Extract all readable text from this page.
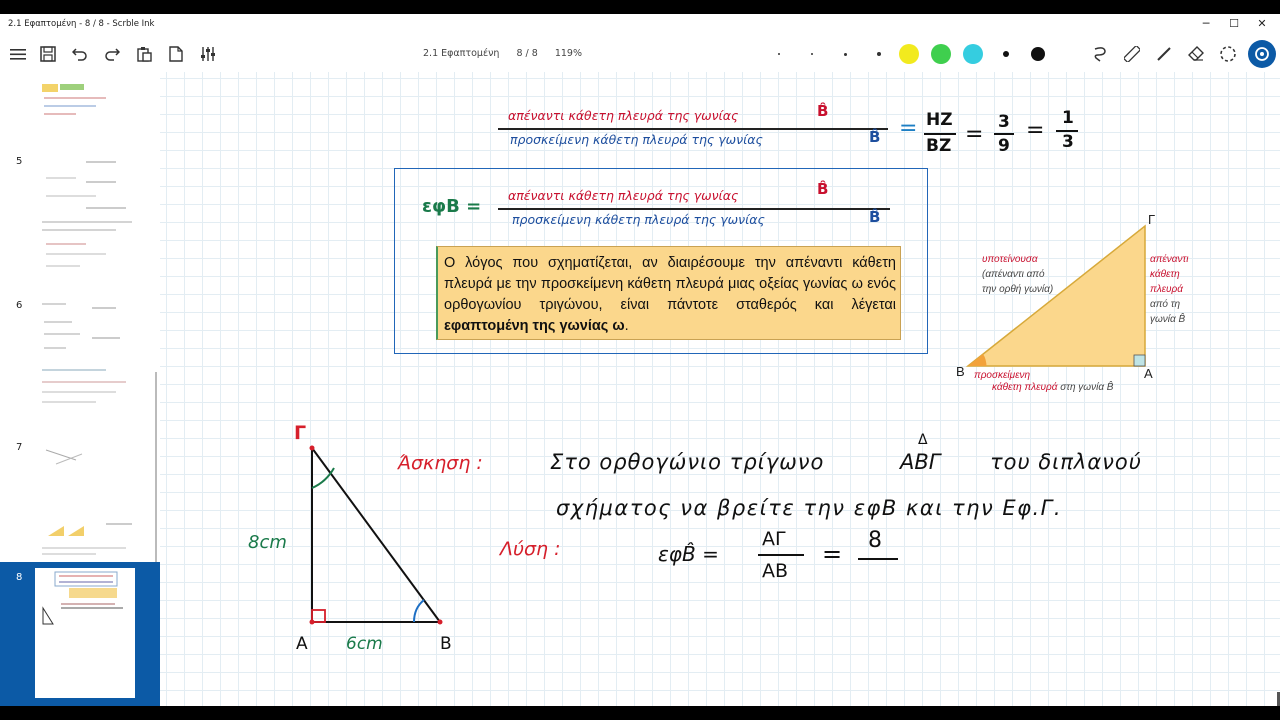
2.1 Εφαπτομένη - 8 / 8 - Scrble Ink	─	☐	✕
2.1 Εφαπτομένη 8 / 8 119%
5
6
7
8
απέναντι κάθετη πλευρά της γωνίας	B̂
προσκείμενη κάθετη πλευρά της γωνίας	B̂ = HZ
BZ = 3
9
= 1
3
εφB =
απέναντι κάθετη πλευρά της γωνίας	B̂
προσκείμενη κάθετη πλευρά της γωνίας	B̂
Ο λόγος που σχηματίζεται, αν διαιρέσουμε την απέναντι κάθετη πλευρά με την προσκείμενη κάθετη πλευρά μιας οξείας γωνίας ω ενός ορθογωνίου τριγώνου, είναι πάντοτε σταθερός και λέγεται εφαπτομένη της γωνίας ω.
Γ
B	A
υποτείνουσα
(απέναντι από
την ορθή γωνία)
απέναντι
κάθετη
πλευρά
από τη
γωνία B̂
προσκείμενη
κάθετη πλευρά στη γωνία B̂
Άσκηση :	Στο ορθογώνιο τρίγωνο
Δ
ΑΒΓ του διπλανού
σχήματος να βρείτε την εφΒ και την Εφ.Γ.
Λύση :	εφB̂ =
ΑΓ
ΑΒ
= 8
Γ
A	B
8cm
6cm
